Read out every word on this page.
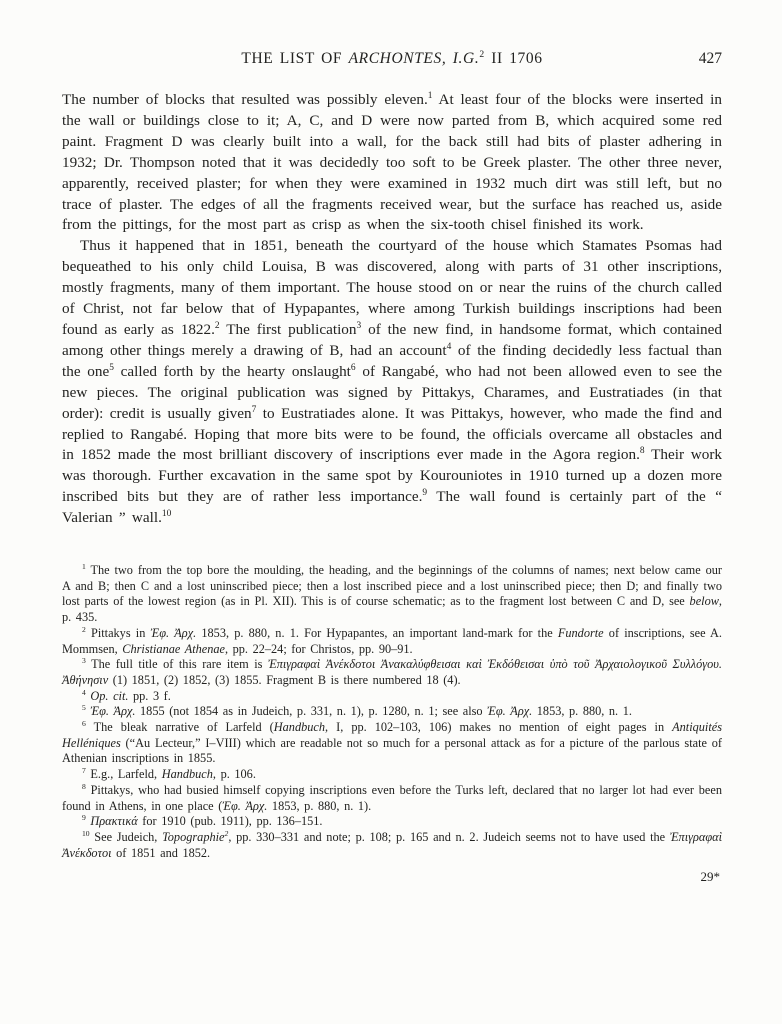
THE LIST OF ARCHONTES, I.G.$^2$ II 1706	427

The number of blocks that resulted was possibly eleven.$^1$ At least four of the blocks were inserted in the wall or buildings close to it; A, C, and D were now parted from B, which acquired some red paint. Fragment D was clearly built into a wall, for the back still had bits of plaster adhering in 1932; Dr. Thompson noted that it was decidedly too soft to be Greek plaster. The other three never, apparently, received plaster; for when they were examined in 1932 much dirt was still left, but no trace of plaster. The edges of all the fragments received wear, but the surface has reached us, aside from the pittings, for the most part as crisp as when the six-tooth chisel finished its work.

Thus it happened that in 1851, beneath the courtyard of the house which Stamates Psomas had bequeathed to his only child Louisa, B was discovered, along with parts of 31 other inscriptions, mostly fragments, many of them important. The house stood on or near the ruins of the church called of Christ, not far below that of Hypapantes, where among Turkish buildings inscriptions had been found as early as 1822.$^2$ The first publication$^3$ of the new find, in handsome format, which contained among other things merely a drawing of B, had an account$^4$ of the finding decidedly less factual than the one$^5$ called forth by the hearty onslaught$^6$ of Rangabé, who had not been allowed even to see the new pieces. The original publication was signed by Pittakys, Charames, and Eustratiades (in that order): credit is usually given$^7$ to Eustratiades alone. It was Pittakys, however, who made the find and replied to Rangabé. Hoping that more bits were to be found, the officials overcame all obstacles and in 1852 made the most brilliant discovery of inscriptions ever made in the Agora region.$^8$ Their work was thorough. Further excavation in the same spot by Kourouniotes in 1910 turned up a dozen more inscribed bits but they are of rather less importance.$^9$ The wall found is certainly part of the “ Valerian ” wall.$^{10}$

$^1$ The two from the top bore the moulding, the heading, and the beginnings of the columns of names; next below came our A and B; then C and a lost uninscribed piece; then a lost inscribed piece and a lost uninscribed piece; then D; and finally two lost parts of the lowest region (as in Pl. XII). This is of course schematic; as to the fragment lost between C and D, see below, p. 435.

$^2$ Pittakys in Ἐφ. Ἀρχ. 1853, p. 880, n. 1. For Hypapantes, an important land-mark for the Fundorte of inscriptions, see A. Mommsen, Christianae Athenae, pp. 22–24; for Christos, pp. 90–91.

$^3$ The full title of this rare item is Ἐπιγραφαὶ Ἀνέκδοτοι Ἀνακαλύφθεισαι καὶ Ἐκδόθεισαι ὑπὸ τοῦ Ἀρχαιολογικοῦ Συλλόγου. Ἀθήνησιν (1) 1851, (2) 1852, (3) 1855. Fragment B is there numbered 18 (4).

$^4$ Op. cit. pp. 3 f.

$^5$ Ἐφ. Ἀρχ. 1855 (not 1854 as in Judeich, p. 331, n. 1), p. 1280, n. 1; see also Ἐφ. Ἀρχ. 1853, p. 880, n. 1.

$^6$ The bleak narrative of Larfeld (Handbuch, I, pp. 102–103, 106) makes no mention of eight pages in Antiquités Helléniques (“Au Lecteur,” I–VIII) which are readable not so much for a personal attack as for a picture of the parlous state of Athenian inscriptions in 1855.

$^7$ E.g., Larfeld, Handbuch, p. 106.

$^8$ Pittakys, who had busied himself copying inscriptions even before the Turks left, declared that no larger lot had ever been found in Athens, in one place (Ἐφ. Ἀρχ. 1853, p. 880, n. 1).

$^9$ Πρακτικά for 1910 (pub. 1911), pp. 136–151.

$^{10}$ See Judeich, Topographie$^2$, pp. 330–331 and note; p. 108; p. 165 and n. 2. Judeich seems not to have used the Ἐπιγραφαὶ Ἀνέκδοτοι of 1851 and 1852.

29*
